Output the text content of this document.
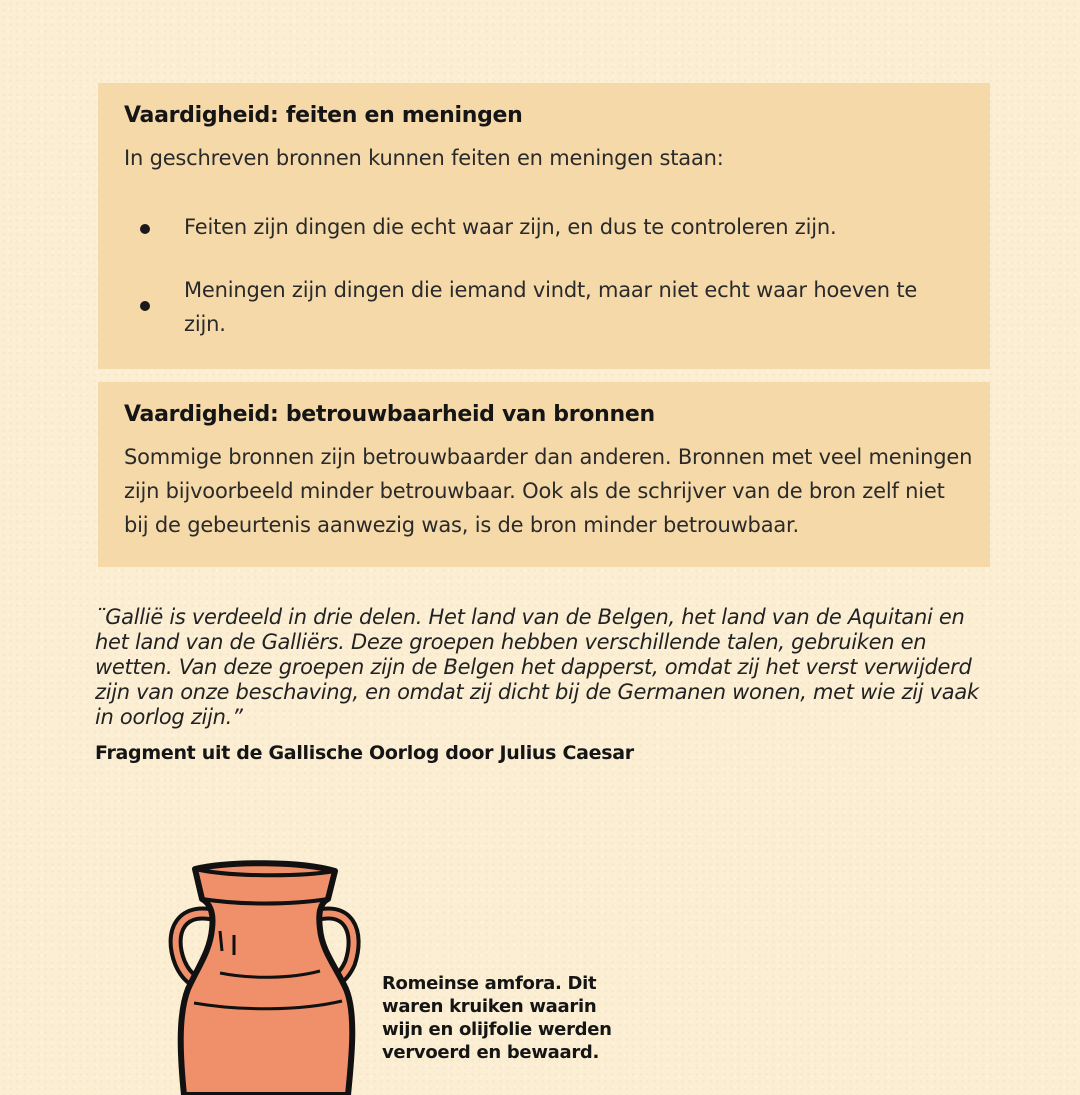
Vaardigheid: feiten en meningen
In geschreven bronnen kunnen feiten en meningen staan:
Feiten zijn dingen die echt waar zijn, en dus te controleren zijn.
Meningen zijn dingen die iemand vindt, maar niet echt waar hoeven te zijn.
Vaardigheid: betrouwbaarheid van bronnen
Sommige bronnen zijn betrouwbaarder dan anderen. Bronnen met veel meningen zijn bijvoorbeeld minder betrouwbaar. Ook als de schrijver van de bron zelf niet bij de gebeurtenis aanwezig was, is de bron minder betrouwbaar.
¨Gallië is verdeeld in drie delen. Het land van de Belgen, het land van de Aquitani en het land van de Galliërs. Deze groepen hebben verschillende talen, gebruiken en wetten. Van deze groepen zijn de Belgen het dapperst, omdat zij het verst verwijderd zijn van onze beschaving, en omdat zij dicht bij de Germanen wonen, met wie zij vaak in oorlog zijn.”
Fragment uit de Gallische Oorlog door Julius Caesar
Romeinse amfora. Dit waren kruiken waarin wijn en olijfolie werden vervoerd en bewaard.
